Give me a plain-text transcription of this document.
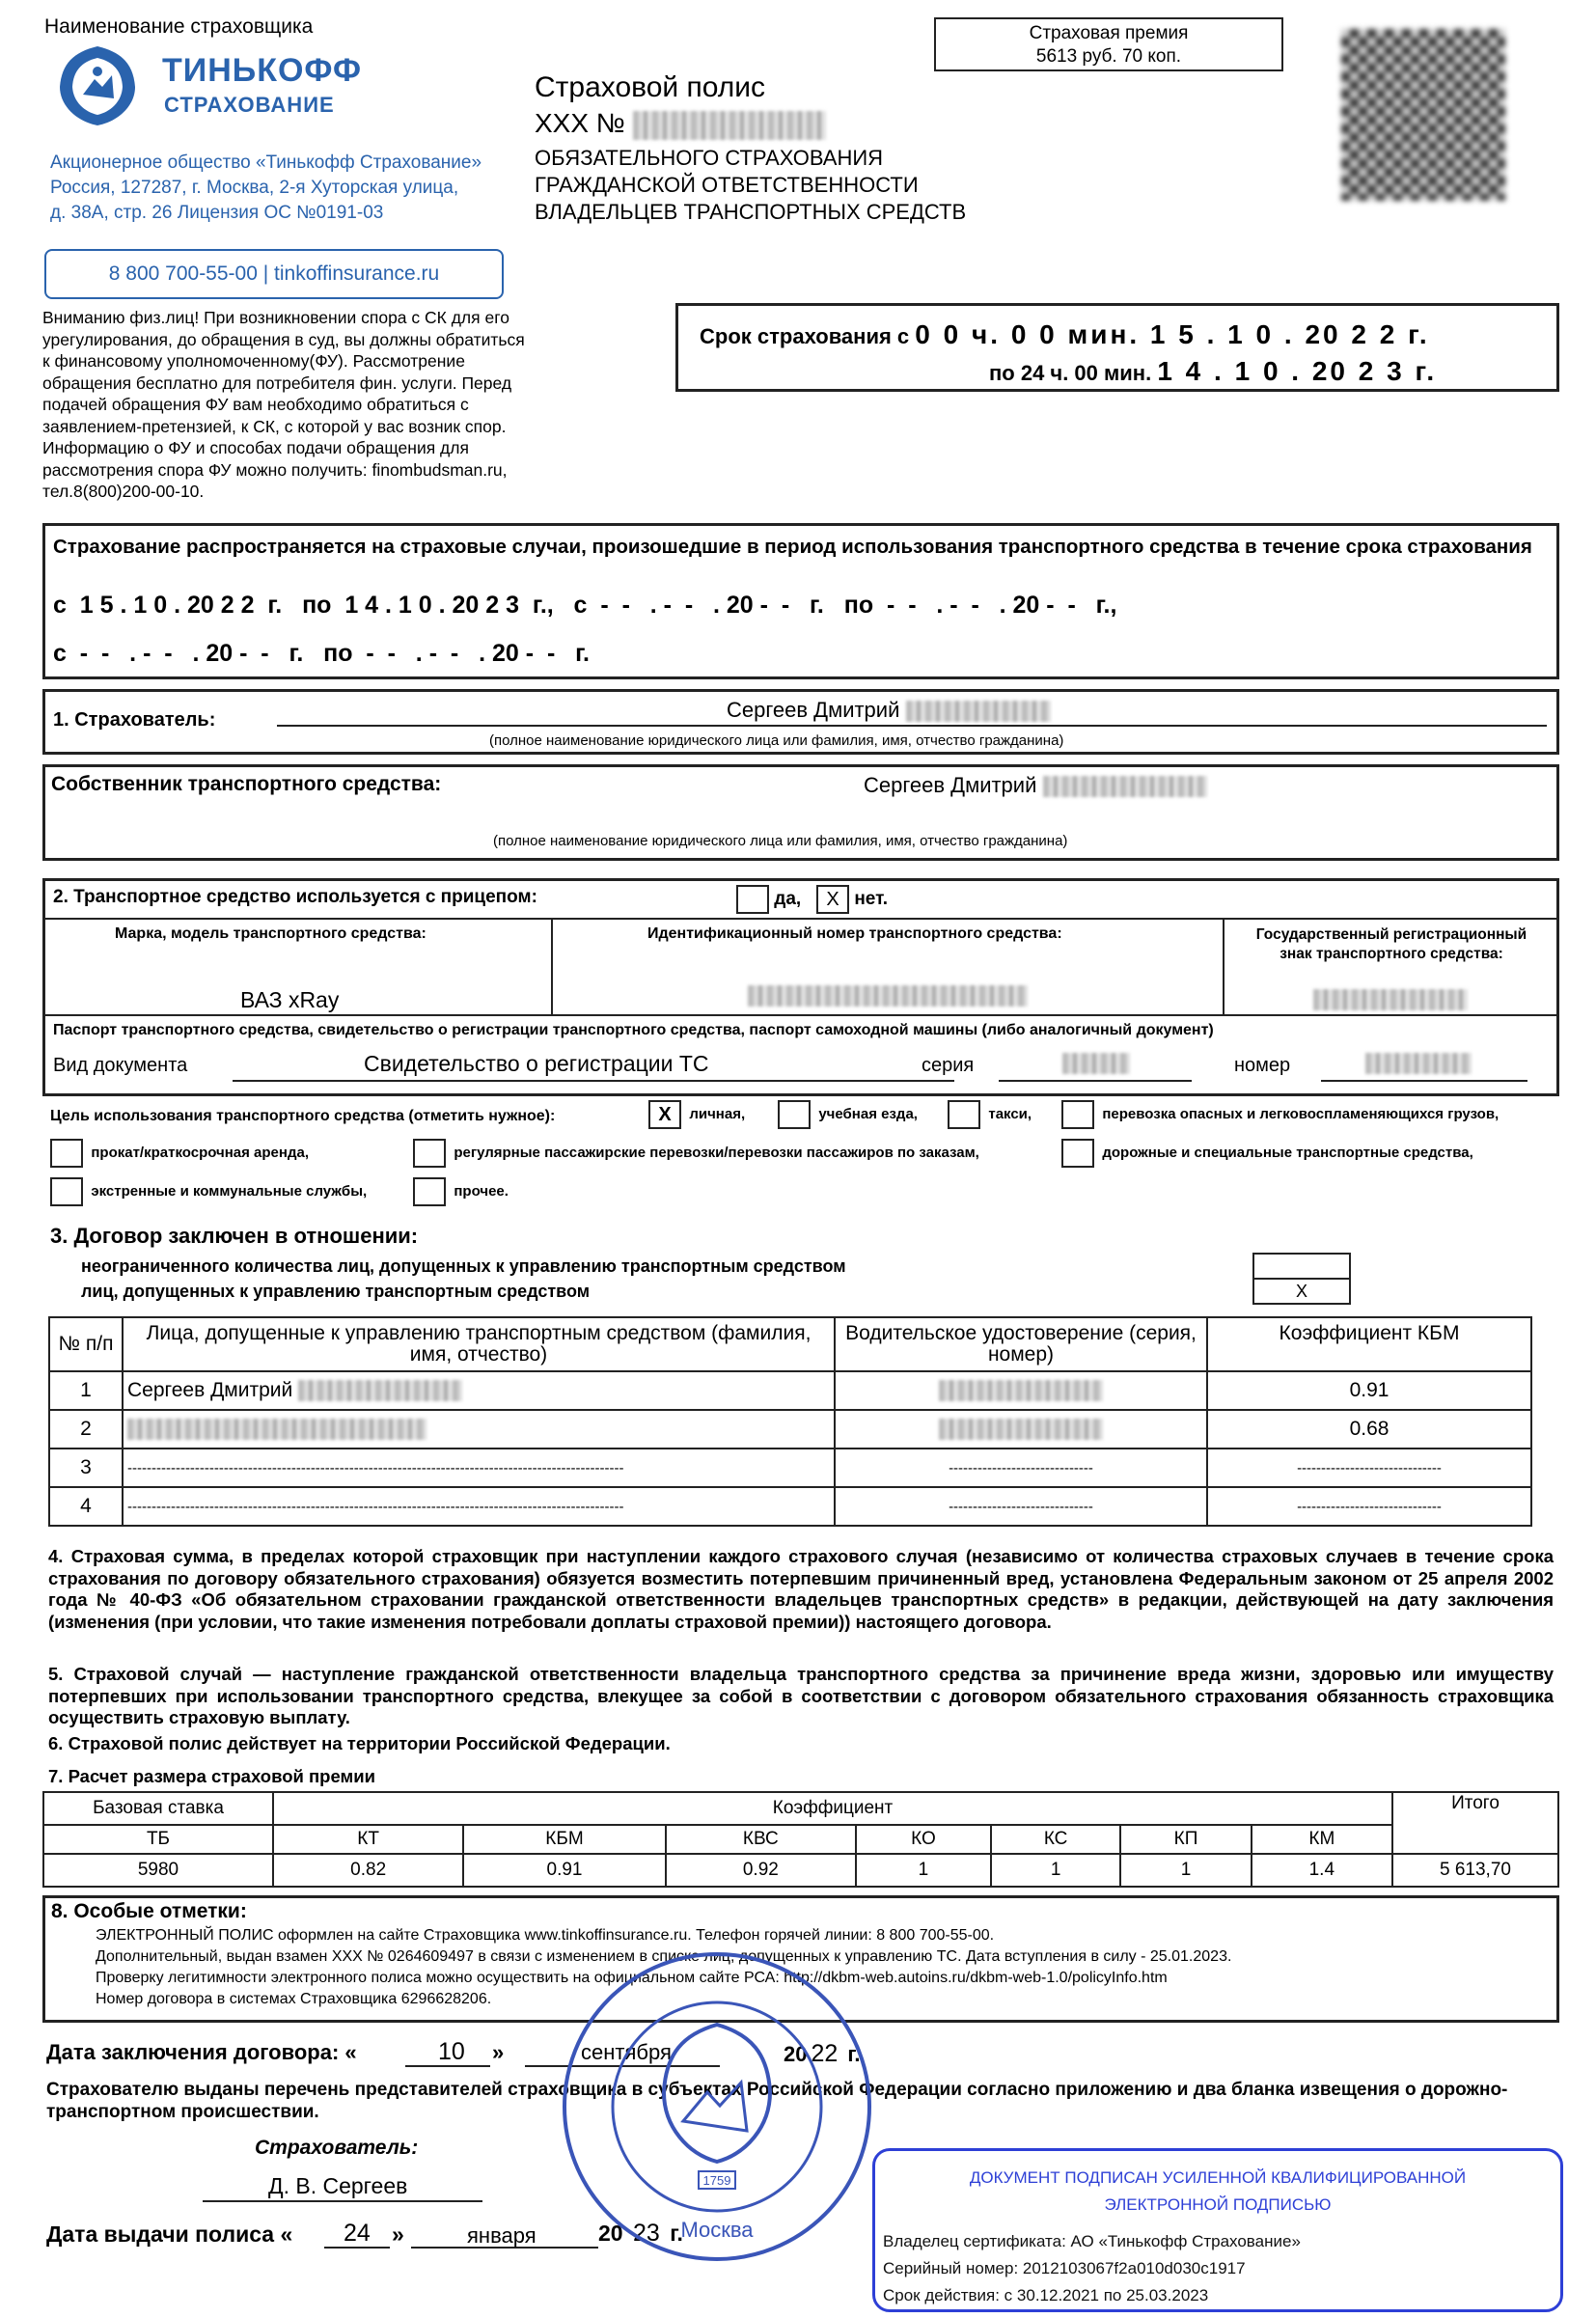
Наименование страховщика
ТИНЬКОФФ
СТРАХОВАНИЕ
Акционерное общество «Тинькофф Страхование»
Россия, 127287, г. Москва, 2-я Хуторская улица,
д. 38А, стр. 26 Лицензия ОС №0191-03
8 800 700-55-00 | tinkoffinsurance.ru
Вниманию физ.лиц! При возникновении спора с СК для его урегулирования, до обращения в суд, вы должны обратиться к финансовому уполномоченному(ФУ). Рассмотрение обращения бесплатно для потребителя фин. услуги. Перед подачей обращения ФУ вам необходимо обратиться с заявлением-претензией, к СК, с которой у вас возник спор. Информацию о ФУ и способах подачи обращения для рассмотрения спора ФУ можно получить: finombudsman.ru, тел.8(800)200-00-10.
Страховой полис
XXX №
ОБЯЗАТЕЛЬНОГО СТРАХОВАНИЯ
ГРАЖДАНСКОЙ ОТВЕТСТВЕННОСТИ
ВЛАДЕЛЬЦЕВ ТРАНСПОРТНЫХ СРЕДСТВ
Страховая премия
5613 руб. 70 коп.
Срок страхования с 0 0 ч. 0 0 мин. 1 5 . 1 0 . 20 2 2 г.
по 24 ч. 00 мин. 1 4 . 1 0 . 20 2 3 г.
Страхование распространяется на страховые случаи, произошедшие в период использования транспортного средства в течение срока страхования
с  1 5 . 1 0 . 20 2 2  г.   по  1 4 . 1 0 . 20 2 3  г.,   с  -  -   . -  -   . 20 -  -   г.   по  -  -   . -  -   . 20 -  -   г.,
с  -  -   . -  -   . 20 -  -   г.   по  -  -   . -  -   . 20 -  -   г.
1. Страхователь:	Сергеев Дмитрий
(полное наименование юридического лица или фамилия, имя, отчество гражданина)
Собственник транспортного средства:	Сергеев Дмитрий
(полное наименование юридического лица или фамилия, имя, отчество гражданина)
2. Транспортное средство используется с прицепом:	да, X нет.
Марка, модель транспортного средства:
ВАЗ xRay
Идентификационный номер транспортного средства:	Государственный регистрационный знак транспортного средства:
Паспорт транспортного средства, свидетельство о регистрации транспортного средства, паспорт самоходной машины (либо аналогичный документ)
Вид документа	Свидетельство о регистрации ТС	серия	номер
Цель использования транспортного средства (отметить нужное):	X личная,	учебная езда,	такси,	перевозка опасных и легковоспламеняющихся грузов,
прокат/краткосрочная аренда,	регулярные пассажирские перевозки/перевозки пассажиров по заказам,	дорожные и специальные транспортные средства,
экстренные и коммунальные службы,	прочее.
3. Договор заключен в отношении:
неограниченного количества лиц, допущенных к управлению транспортным средством
лиц, допущенных к управлению транспортным средством	X
№ п/п	Лица, допущенные к управлению транспортным средством (фамилия, имя, отчество)	Водительское удостоверение (серия, номер)	Коэффициент КБМ
1	Сергеев Дмитрий		0.91
2			0.68
3	-------------------------------------------------------------------------------------------------------	------------------------------	------------------------------
4	-------------------------------------------------------------------------------------------------------	------------------------------	------------------------------
4. Страховая сумма, в пределах которой страховщик при наступлении каждого страхового случая (независимо от количества страховых случаев в течение срока страхования по договору обязательного страхования) обязуется возместить потерпевшим причиненный вред, установлена Федеральным законом от 25 апреля 2002 года № 40-ФЗ «Об обязательном страховании гражданской ответственности владельцев транспортных средств» в редакции, действующей на дату заключения (изменения (при условии, что такие изменения потребовали доплаты страховой премии)) настоящего договора.
5. Страховой случай — наступление гражданской ответственности владельца транспортного средства за причинение вреда жизни, здоровью или имуществу потерпевших при использовании транспортного средства, влекущее за собой в соответствии с договором обязательного страхования обязанность страховщика осуществить страховую выплату.
6. Страховой полис действует на территории Российской Федерации.
7. Расчет размера страховой премии
Базовая ставка	Коэффициент							Итого
ТБ	КТ	КБМ	КВС	КО	КС	КП	КМ	
5980	0.82	0.91	0.92	1	1	1	1.4	5 613,70
8. Особые отметки:
ЭЛЕКТРОННЫЙ ПОЛИС оформлен на сайте Страховщика www.tinkoffinsurance.ru. Телефон горячей линии: 8 800 700-55-00.
Дополнительный, выдан взамен XXX № 0264609497 в связи с изменением в списке лиц, допущенных к управлению ТС. Дата вступления в силу - 25.01.2023.
Проверку легитимности электронного полиса можно осуществить на официальном сайте РСА: http://dkbm-web.autoins.ru/dkbm-web-1.0/policyInfo.htm
Номер договора в системах Страховщика 6296628206.
Дата заключения договора: «	10 »	сентября	20 22 г.
Страхователю выданы перечень представителей страховщика в субъектах Российской Федерации согласно приложению и два бланка извещения о дорожно-транспортном происшествии.
Страхователь:
Д. В. Сергеев
Дата выдачи полиса « 24 »	января	20 23 г.
1759
Москва
ДОКУМЕНТ ПОДПИСАН УСИЛЕННОЙ КВАЛИФИЦИРОВАННОЙ
ЭЛЕКТРОННОЙ ПОДПИСЬЮ
Владелец сертификата: АО «Тинькофф Страхование»
Серийный номер: 2012103067f2a010d030c1917
Срок действия: с 30.12.2021 по 25.03.2023
